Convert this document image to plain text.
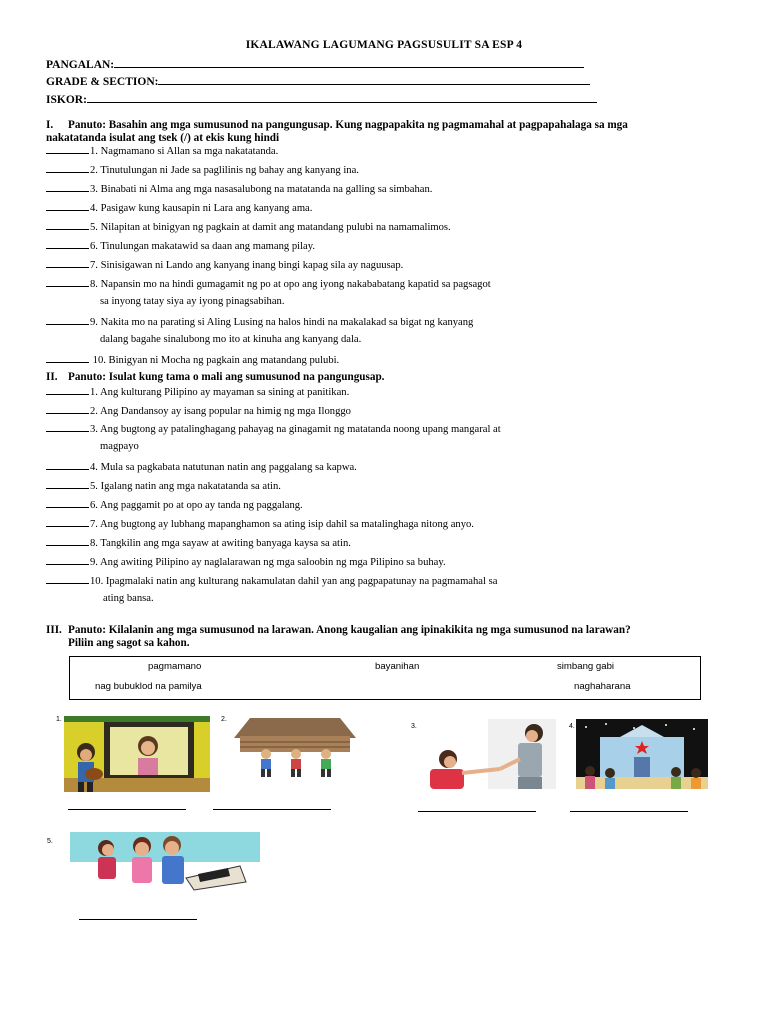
IKALAWANG LAGUMANG PAGSUSULIT SA ESP 4
PANGALAN:
GRADE & SECTION:
ISKOR:
I. Panuto: Basahin ang mga sumusunod na pangungusap. Kung nagpapakita ng pagmamahal at pagpapahalaga sa mga
nakatatanda isulat ang tsek (/) at ekis kung hindi
1. Nagmamano si Allan sa mga nakatatanda.
2. Tinutulungan ni Jade sa paglilinis ng bahay ang kanyang ina.
3. Binabati ni Alma ang mga nasasalubong na matatanda na galling sa simbahan.
4. Pasigaw kung kausapin ni Lara ang kanyang ama.
5. Nilapitan at binigyan ng pagkain at damit ang matandang pulubi na namamalimos.
6. Tinulungan makatawid sa daan ang mamang pilay.
7. Sinisigawan ni Lando ang kanyang inang bingi kapag sila ay naguusap.
8. Napansin mo na hindi gumagamit ng po at opo ang iyong nakababatang kapatid sa pagsagot
sa inyong tatay siya ay iyong pinagsabihan.
9. Nakita mo na parating si Aling Lusing na halos hindi na makalakad sa bigat ng kanyang
dalang bagahe sinalubong mo ito at kinuha ang kanyang dala.
10. Binigyan ni Mocha ng pagkain ang matandang pulubi.
II. Panuto: Isulat kung tama o mali ang sumusunod na pangungusap.
1. Ang kulturang Pilipino ay mayaman sa sining at panitikan.
2. Ang Dandansoy ay isang popular na himig ng mga Ilonggo
3. Ang bugtong ay patalinghagang pahayag na ginagamit ng matatanda noong upang mangaral at
magpayo
4. Mula sa pagkabata natutunan natin ang paggalang sa kapwa.
5. Igalang natin ang mga nakatatanda sa atin.
6. Ang paggamit po at opo ay tanda ng paggalang.
7. Ang bugtong ay lubhang mapanghamon sa ating isip dahil sa matalinghaga nitong anyo.
8. Tangkilin ang mga sayaw at awiting banyaga kaysa sa atin.
9. Ang awiting Pilipino ay naglalarawan ng mga saloobin ng mga Pilipino sa buhay.
10. Ipagmalaki natin ang kulturang nakamulatan dahil yan ang pagpapatunay na pagmamahal sa
ating bansa.
III. Panuto: Kilalanin ang mga sumusunod na larawan. Anong kaugalian ang ipinakikita ng mga sumusunod na larawan?
Piliin ang sagot sa kahon.
pagmamano	bayanihan	simbang gabi
nag bubuklod na pamilya	naghaharana
1.	2.
3.	4.
5.
